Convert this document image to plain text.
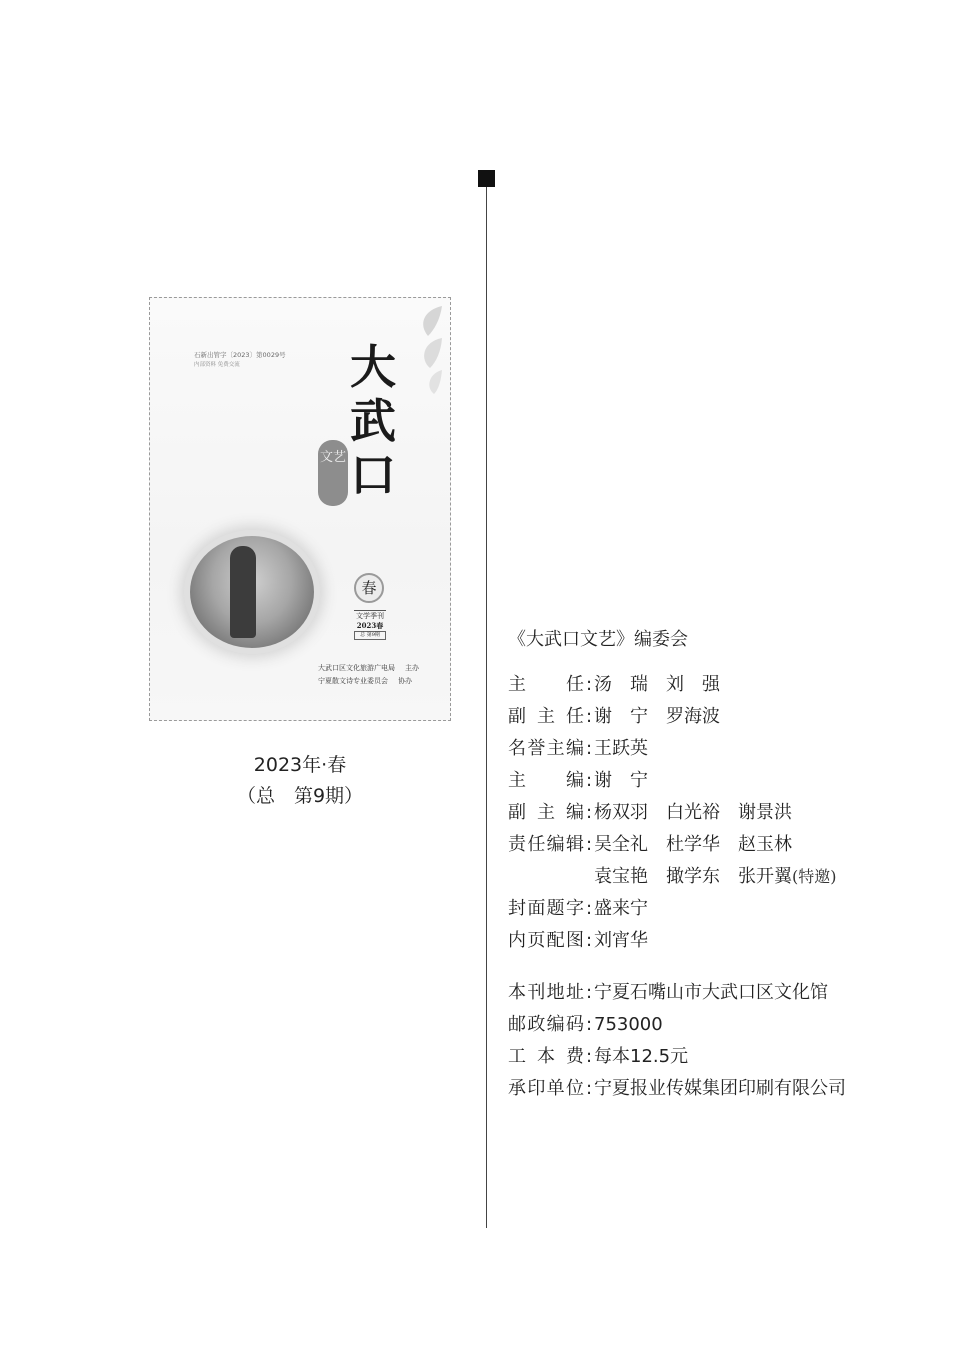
石新出管字〔2023〕第0029号
内部资料 免费交流 大
武
口
文艺
春
文学季刊
2023春
总 第9期
大武口区文化旅游广电局 主办
宁夏散文诗专业委员会 协办
2023年·春
（总　第9期）
《大武口文艺》编委会
主　　任 : 汤　瑞 刘　强
副 主 任 : 谢　宁 罗海波
名誉主编 : 王跃英
主　　编 : 谢　宁
副 主 编 : 杨双羽 白光裕 谢景洪
责任编辑 : 吴全礼 杜学华 赵玉林
袁宝艳 撖学东 张开翼(特邀)
封面题字 : 盛来宁
内页配图 : 刘宵华
本刊地址 : 宁夏石嘴山市大武口区文化馆
邮政编码 : 753000
工 本 费 : 每本12.5元
承印单位 : 宁夏报业传媒集团印刷有限公司
